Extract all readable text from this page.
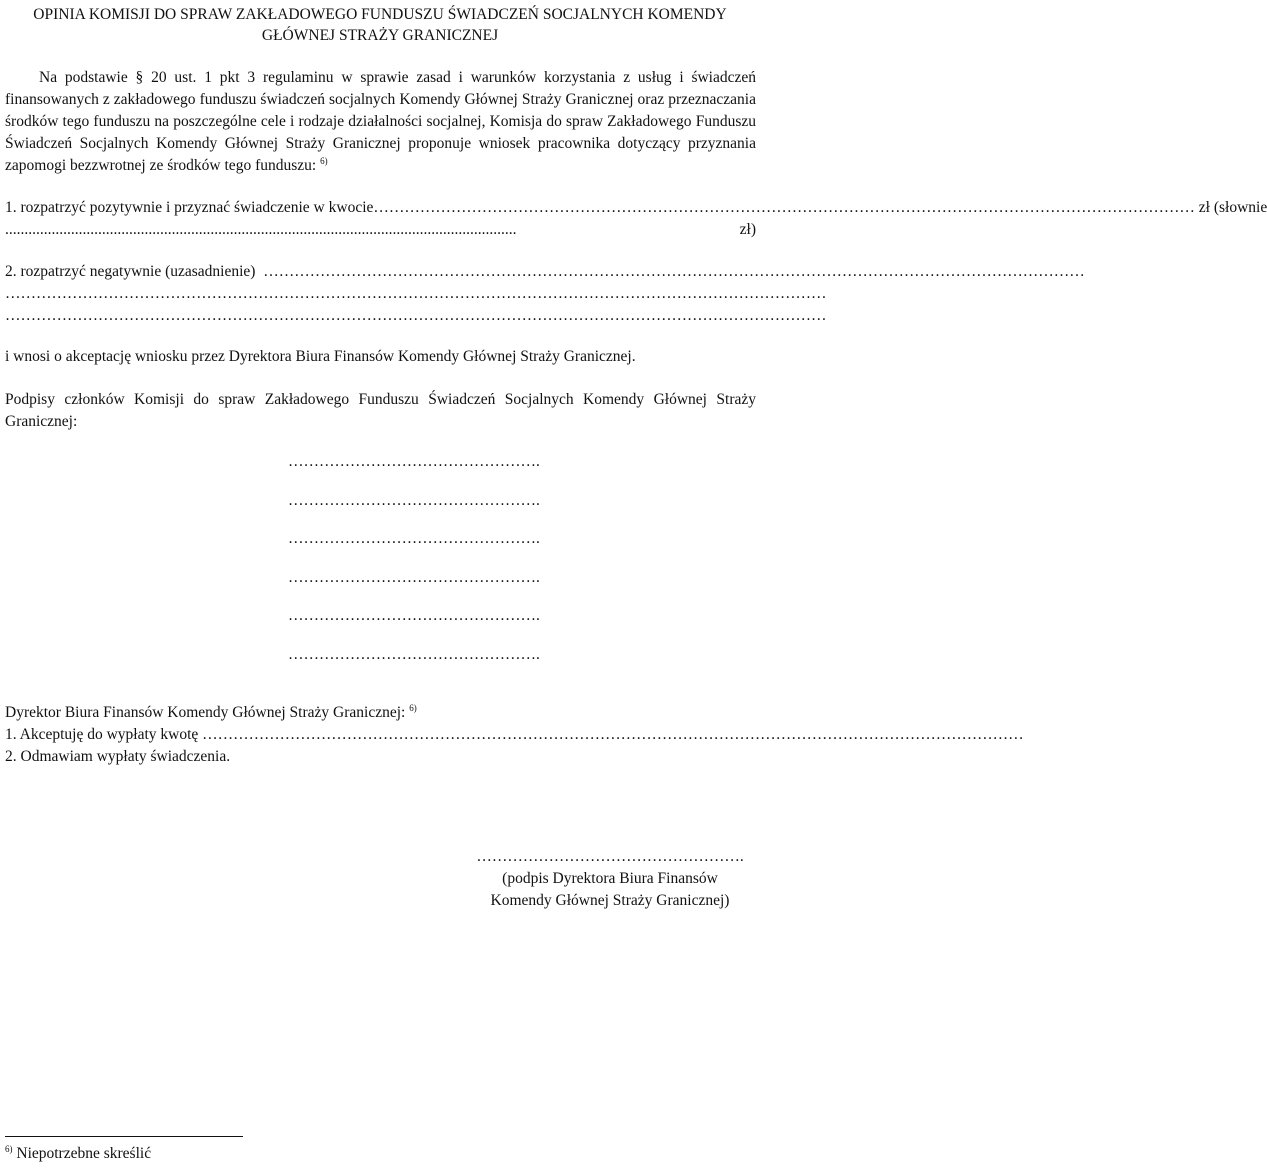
OPINIA KOMISJI DO SPRAW ZAKŁADOWEGO FUNDUSZU ŚWIADCZEŃ SOCJALNYCH KOMENDY
GŁÓWNEJ STRAŻY GRANICZNEJ
Na podstawie § 20 ust. 1 pkt 3 regulaminu w sprawie zasad i warunków korzystania z usług i świadczeń finansowanych z zakładowego funduszu świadczeń socjalnych Komendy Głównej Straży Granicznej oraz przeznaczania środków tego funduszu na poszczególne cele i rodzaje działalności socjalnej, Komisja do spraw Zakładowego Funduszu Świadczeń Socjalnych Komendy Głównej Straży Granicznej proponuje wniosek pracownika dotyczący przyznania zapomogi bezzwrotnej ze środków tego funduszu: $^{6)}$
1. rozpatrzyć pozytywnie i przyznać świadczenie w kwocie …………………………………………………………………………………………………………………………………………… zł (słownie
....................................................................................................................................	zł)
2. rozpatrzyć negatywnie (uzasadnienie) ……………………………………………………………………………………………………………………………………………
……………………………………………………………………………………………………………………………………………
……………………………………………………………………………………………………………………………………………
i wnosi o akceptację wniosku przez Dyrektora Biura Finansów Komendy Głównej Straży Granicznej.
Podpisy członków Komisji do spraw Zakładowego Funduszu Świadczeń Socjalnych Komendy Głównej Straży Granicznej:
………………………………………….
………………………………………….
………………………………………….
………………………………………….
………………………………………….
………………………………………….
Dyrektor Biura Finansów Komendy Głównej Straży Granicznej: $^{6)}$
1. Akceptuję do wypłaty kwotę ……………………………………………………………………………………………………………………………………………
2. Odmawiam wypłaty świadczenia.
…………………………………………….
(podpis Dyrektora Biura Finansów
Komendy Głównej Straży Granicznej)
$^{6)}$ Niepotrzebne skreślić
